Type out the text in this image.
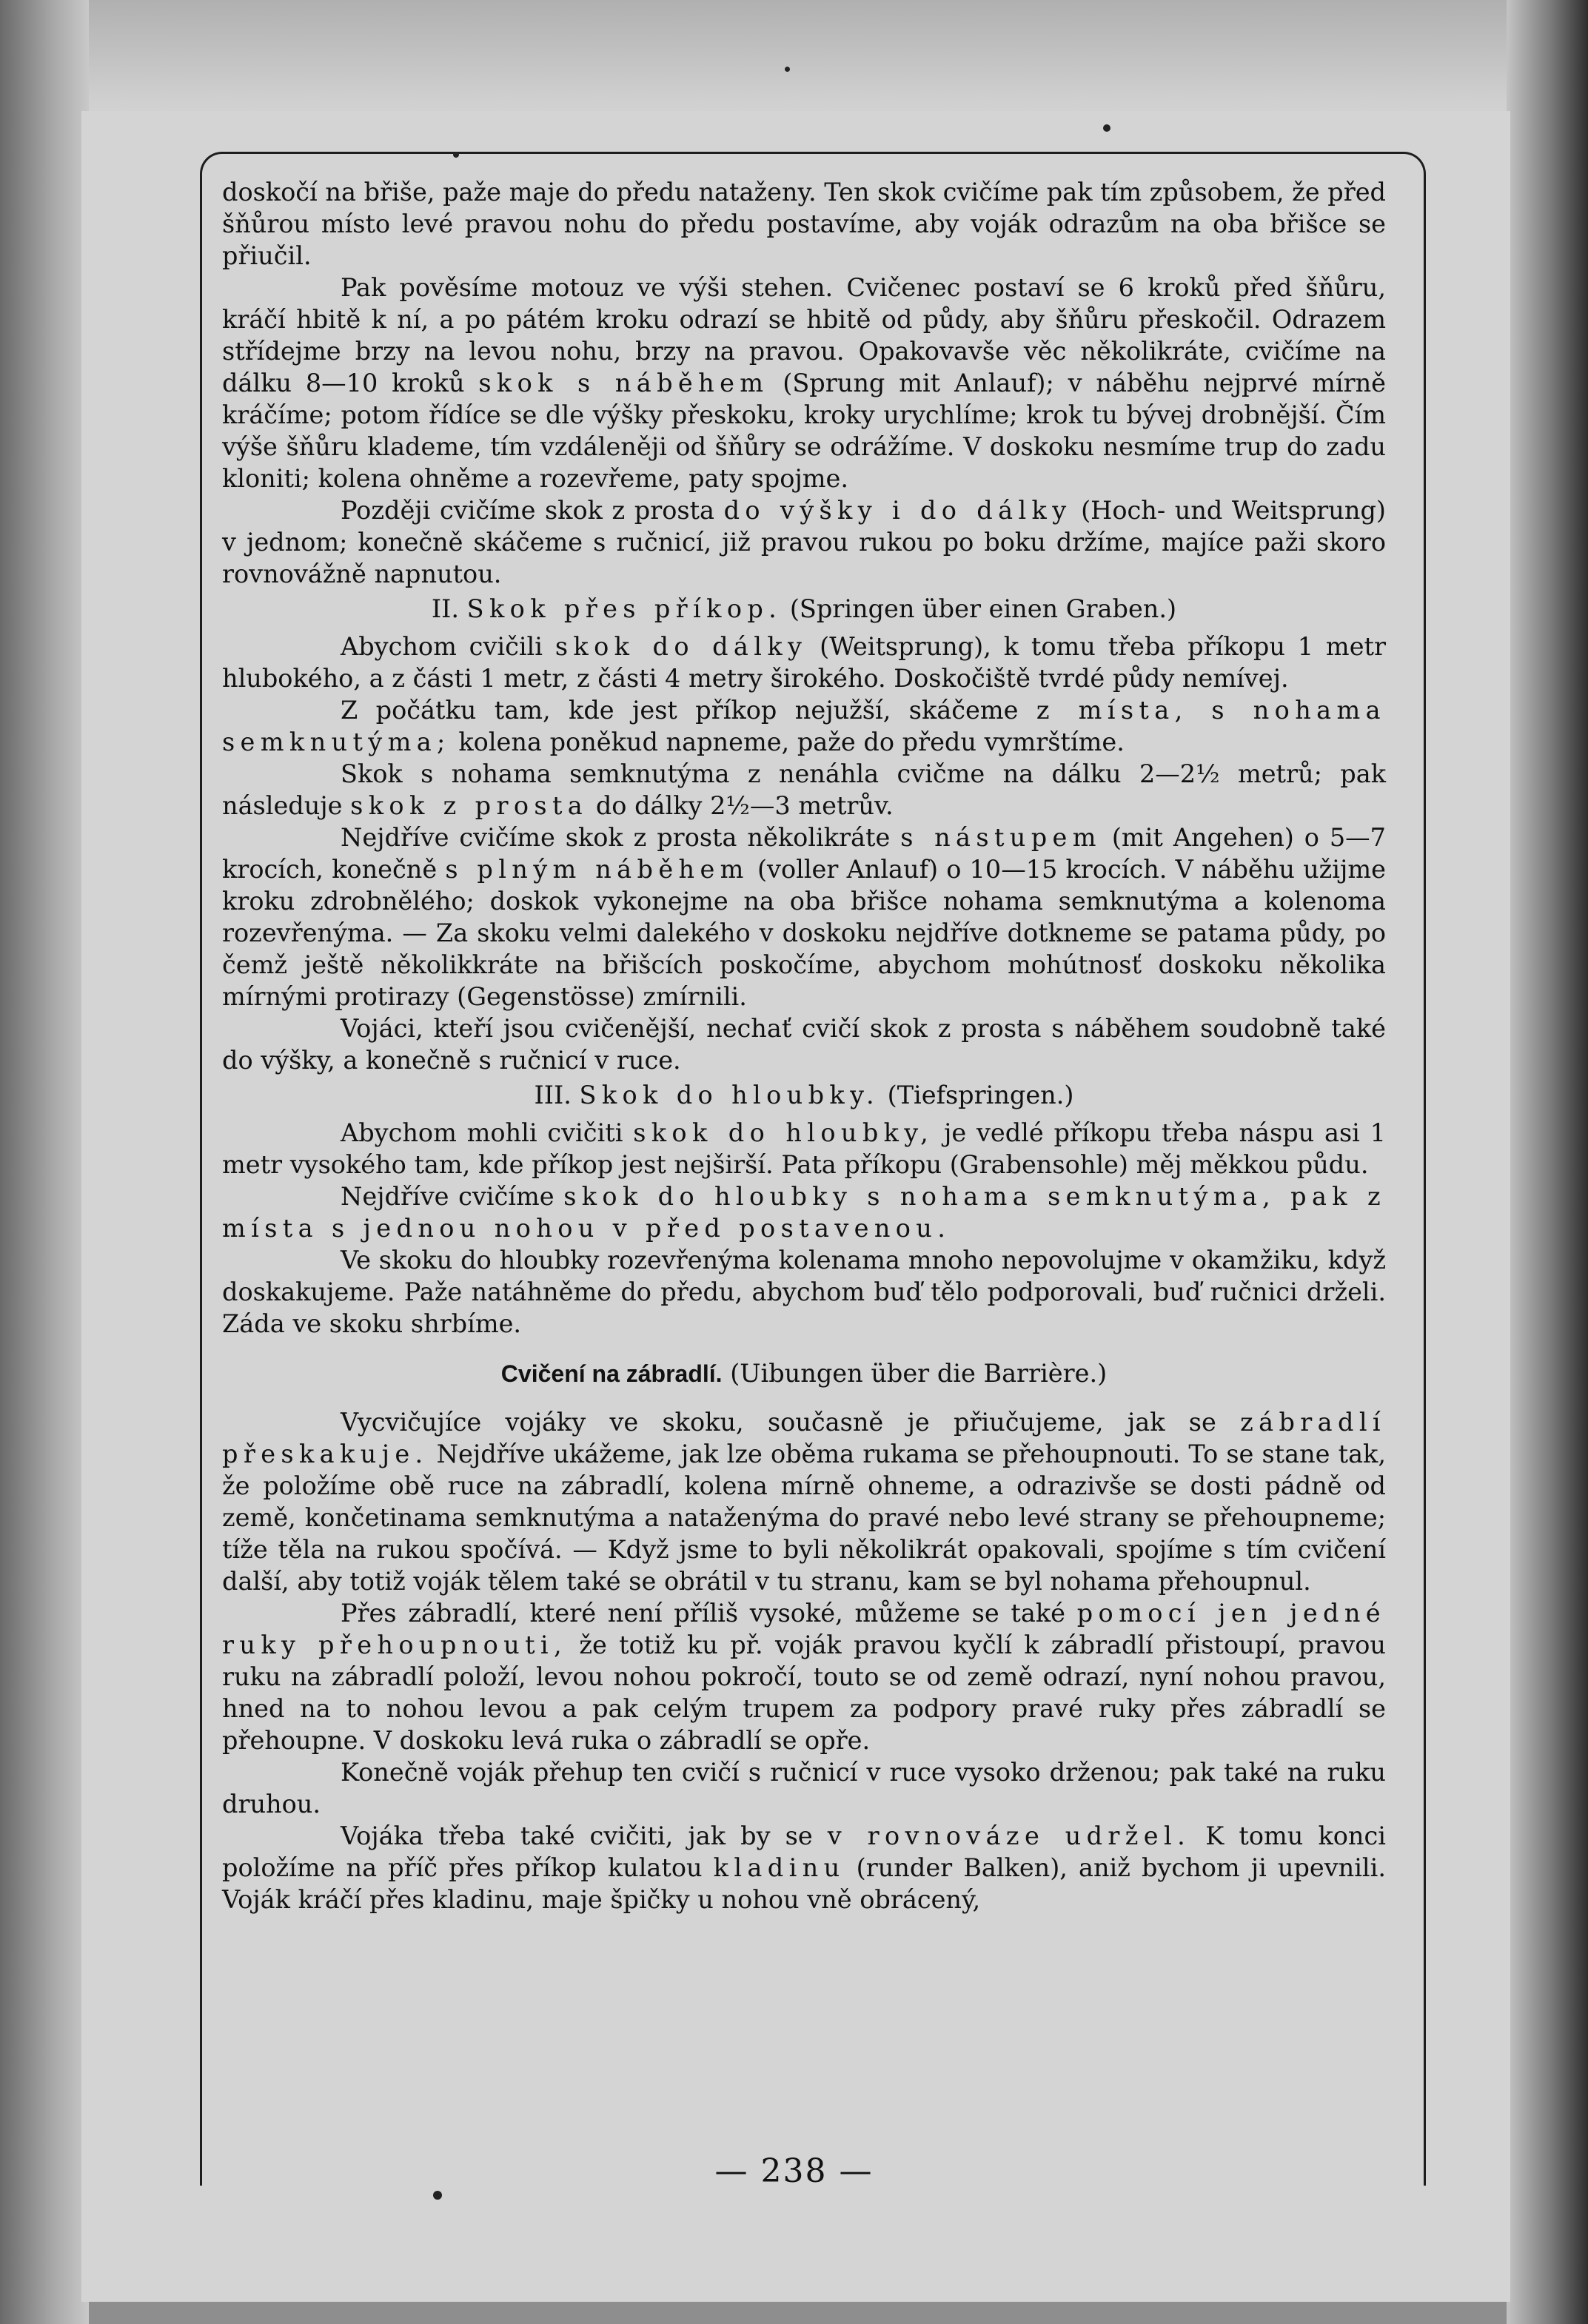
doskočí na břiše, paže maje do předu nataženy. Ten skok cvičíme pak tím způsobem, že před šňůrou místo levé pravou nohu do předu postavíme, aby voják odrazům na oba břišce se přiučil.

Pak pověsíme motouz ve výši stehen. Cvičenec postaví se 6 kroků před šňůru, kráčí hbitě k ní, a po pátém kroku odrazí se hbitě od půdy, aby šňůru přeskočil. Odrazem střídejme brzy na levou nohu, brzy na pravou. Opakovavše věc několikráte, cvičíme na dálku 8—10 kroků skok s náběhem (Sprung mit Anlauf); v náběhu nejprvé mírně kráčíme; potom řídíce se dle výšky přeskoku, kroky urychlíme; krok tu bývej drobnější. Čím výše šňůru klademe, tím vzdáleněji od šňůry se odrážíme. V doskoku nesmíme trup do zadu kloniti; kolena ohněme a rozevřeme, paty spojme.

Později cvičíme skok z prosta do výšky i do dálky (Hoch- und Weitsprung) v jednom; konečně skáčeme s ručnicí, již pravou rukou po boku držíme, majíce paži skoro rovnovážně napnutou.

II. Skok přes příkop. (Springen über einen Graben.)

Abychom cvičili skok do dálky (Weitsprung), k tomu třeba příkopu 1 metr hlubokého, a z části 1 metr, z části 4 metry širokého. Doskočiště tvrdé půdy nemívej.

Z počátku tam, kde jest příkop nejužší, skáčeme z místa, s nohama semknutýma; kolena poněkud napneme, paže do předu vymrštíme.

Skok s nohama semknutýma z nenáhla cvičme na dálku 2—2½ metrů; pak následuje skok z prosta do dálky 2½—3 metrův.

Nejdříve cvičíme skok z prosta několikráte s nástupem (mit Angehen) o 5—7 krocích, konečně s plným náběhem (voller Anlauf) o 10—15 krocích. V náběhu užijme kroku zdrobnělého; doskok vykonejme na oba břišce nohama semknutýma a kolenoma rozevřenýma. — Za skoku velmi dalekého v doskoku nejdříve dotkneme se patama půdy, po čemž ještě několikkráte na břišcích poskočíme, abychom mohútnosť doskoku několika mírnými protirazy (Gegenstösse) zmírnili.

Vojáci, kteří jsou cvičenější, nechať cvičí skok z prosta s náběhem soudobně také do výšky, a konečně s ručnicí v ruce.

III. Skok do hloubky. (Tiefspringen.)

Abychom mohli cvičiti skok do hloubky, je vedlé příkopu třeba náspu asi 1 metr vysokého tam, kde příkop jest nejširší. Pata příkopu (Grabensohle) měj měkkou půdu.

Nejdříve cvičíme skok do hloubky s nohama semknutýma, pak z místa s jednou nohou v před postavenou.

Ve skoku do hloubky rozevřenýma kolenama mnoho nepovolujme v okamžiku, když doskakujeme. Paže natáhněme do předu, abychom buď tělo podporovali, buď ručnici drželi. Záda ve skoku shrbíme.

Cvičení na zábradlí. (Uibungen über die Barrière.)

Vycvičujíce vojáky ve skoku, současně je přiučujeme, jak se zábradlí přeskakuje. Nejdříve ukážeme, jak lze oběma rukama se přehoupnouti. To se stane tak, že položíme obě ruce na zábradlí, kolena mírně ohneme, a odrazivše se dosti pádně od země, končetinama semknutýma a nataženýma do pravé nebo levé strany se přehoupneme; tíže těla na rukou spočívá. — Když jsme to byli několikrát opakovali, spojíme s tím cvičení další, aby totiž voják tělem také se obrátil v tu stranu, kam se byl nohama přehoupnul.

Přes zábradlí, které není příliš vysoké, můžeme se také pomocí jen jedné ruky přehoupnouti, že totiž ku př. voják pravou kyčlí k zábradlí přistoupí, pravou ruku na zábradlí položí, levou nohou pokročí, touto se od země odrazí, nyní nohou pravou, hned na to nohou levou a pak celým trupem za podpory pravé ruky přes zábradlí se přehoupne. V doskoku levá ruka o zábradlí se opře.

Konečně voják přehup ten cvičí s ručnicí v ruce vysoko drženou; pak také na ruku druhou.

Vojáka třeba také cvičiti, jak by se v rovnováze udržel. K tomu konci položíme na příč přes příkop kulatou kladinu (runder Balken), aniž bychom ji upevnili. Voják kráčí přes kladinu, maje špičky u nohou vně obrácený,

— 238 —
